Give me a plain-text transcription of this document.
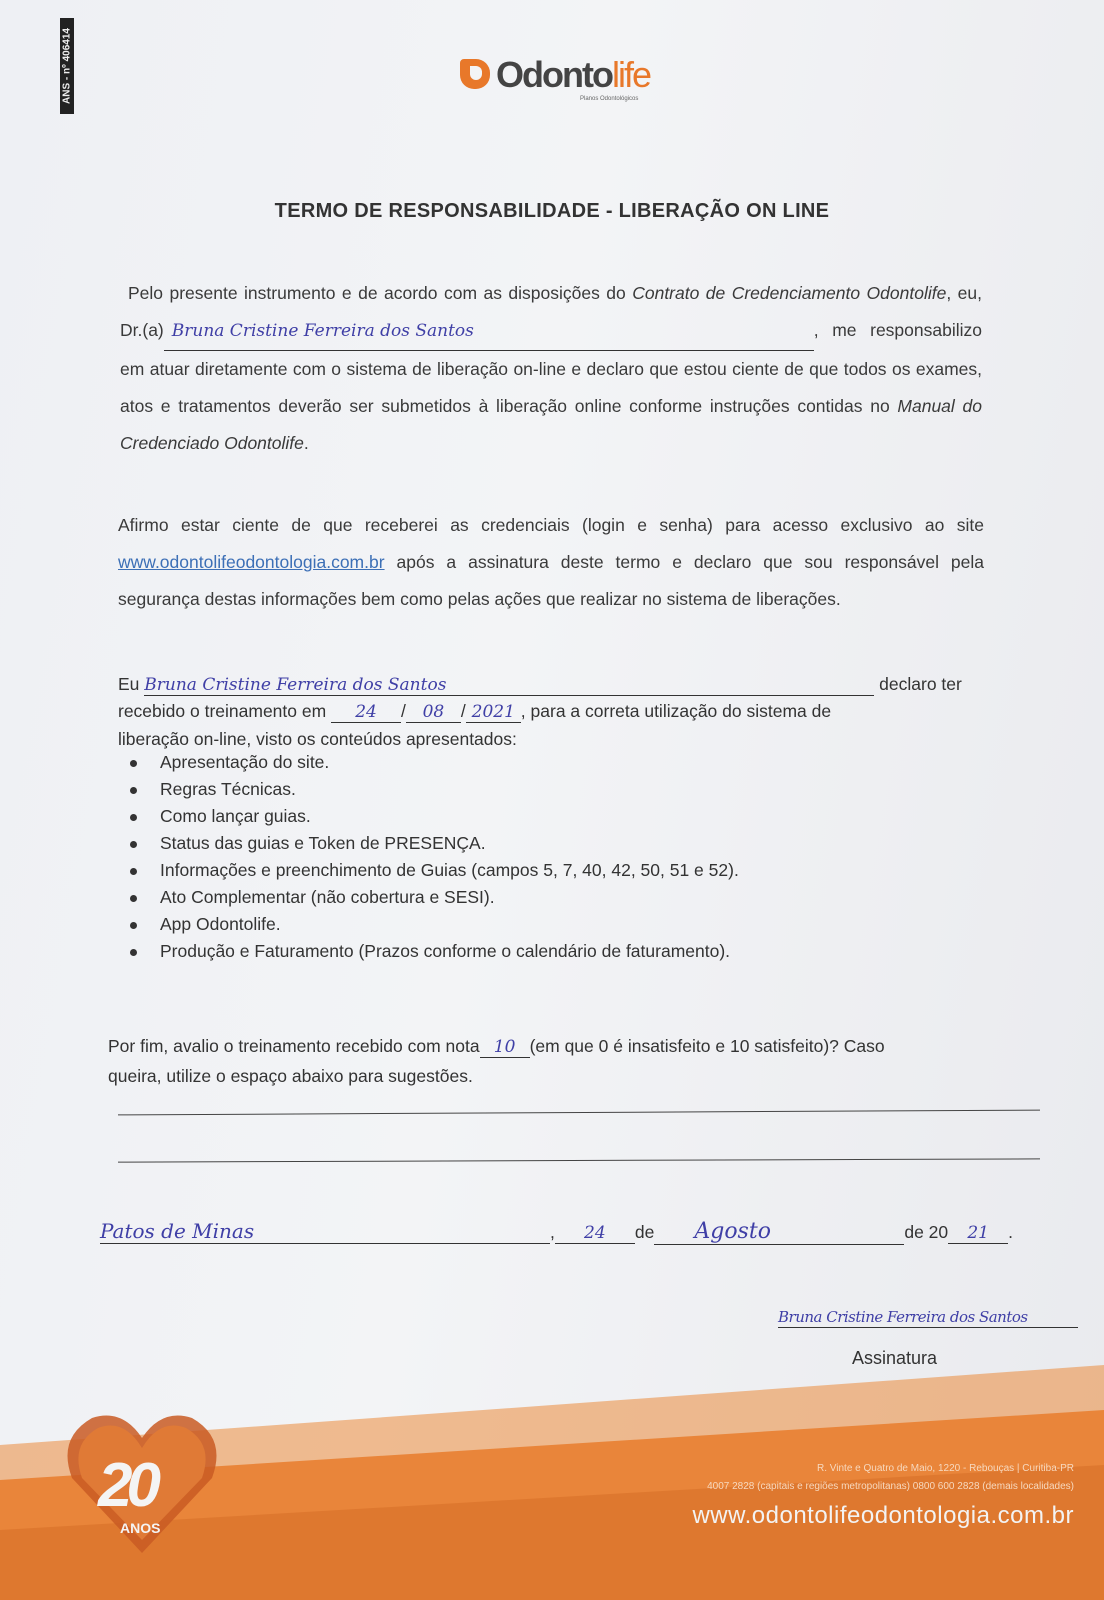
ANS - nº 406414	Odontolife
Planos Odontológicos
TERMO DE RESPONSABILIDADE - LIBERAÇÃO ON LINE
Pelo presente instrumento e de acordo com as disposições do Contrato de Credenciamento Odontolife, eu, Dr.(a) Bruna Cristine Ferreira dos Santos	, me responsabilizo em atuar diretamente com o sistema de liberação on-line e declaro que estou ciente de que todos os exames, atos e tratamentos deverão ser submetidos à liberação online conforme instruções contidas no Manual do Credenciado Odontolife.
Afirmo estar ciente de que receberei as credenciais (login e senha) para acesso exclusivo ao site www.odontolifeodontologia.com.br após a assinatura deste termo e declaro que sou responsável pela segurança destas informações bem como pelas ações que realizar no sistema de liberações.
Eu Bruna Cristine Ferreira dos Santos	declaro ter
recebido o treinamento em 24 / 08 / 2021 , para a correta utilização do sistema de
liberação on-line, visto os conteúdos apresentados:
Apresentação do site.
Regras Técnicas.
Como lançar guias.
Status das guias e Token de PRESENÇA.
Informações e preenchimento de Guias (campos 5, 7, 40, 42, 50, 51 e 52).
Ato Complementar (não cobertura e SESI).
App Odontolife.
Produção e Faturamento (Prazos conforme o calendário de faturamento).
Por fim, avalio o treinamento recebido com nota 10 (em que 0 é insatisfeito e 10 satisfeito)? Caso
queira, utilize o espaço abaixo para sugestões.
Patos de Minas	, 24 de Agosto	de 20 21 .
Bruna Cristine Ferreira dos Santos
Assinatura
20
ANOS
R. Vinte e Quatro de Maio, 1220 - Rebouças | Curitiba-PR
4007 2828 (capitais e regiões metropolitanas) 0800 600 2828 (demais localidades)
www.odontolifeodontologia.com.br
